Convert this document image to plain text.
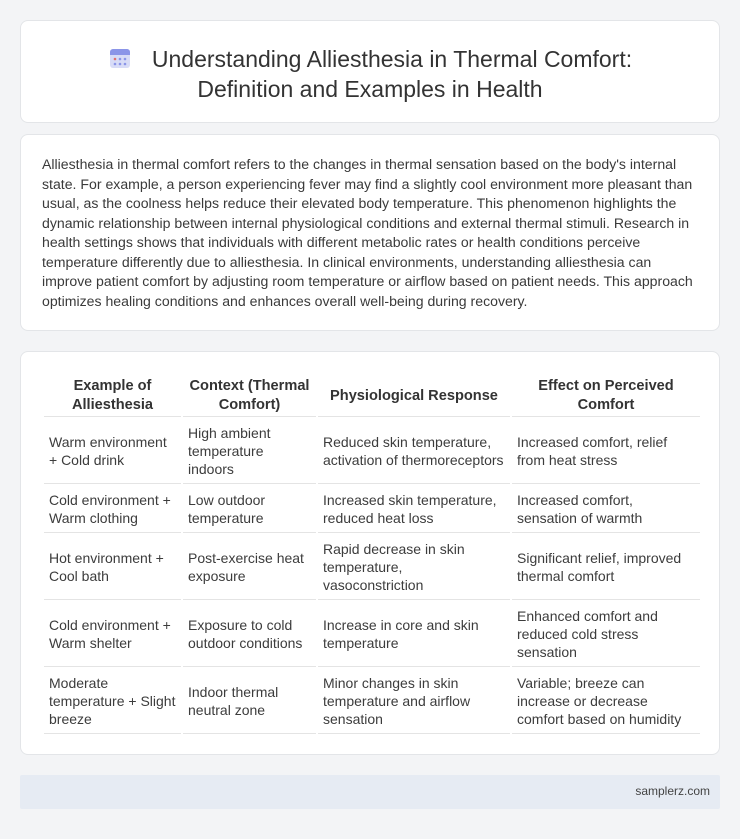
Understanding Alliesthesia in Thermal Comfort:
Definition and Examples in Health

Alliesthesia in thermal comfort refers to the changes in thermal sensation based on the body's internal state. For example, a person experiencing fever may find a slightly cool environment more pleasant than usual, as the coolness helps reduce their elevated body temperature. This phenomenon highlights the dynamic relationship between internal physiological conditions and external thermal stimuli. Research in health settings shows that individuals with different metabolic rates or health conditions perceive temperature differently due to alliesthesia. In clinical environments, understanding alliesthesia can improve patient comfort by adjusting room temperature or airflow based on patient needs. This approach optimizes healing conditions and enhances overall well-being during recovery.

Example of Alliesthesia	Context (Thermal Comfort)	Physiological Response	Effect on Perceived Comfort
Warm environment + Cold drink	High ambient temperature indoors	Reduced skin temperature, activation of thermoreceptors	Increased comfort, relief from heat stress
Cold environment + Warm clothing	Low outdoor temperature	Increased skin temperature, reduced heat loss	Increased comfort, sensation of warmth
Hot environment + Cool bath	Post-exercise heat exposure	Rapid decrease in skin temperature, vasoconstriction	Significant relief, improved thermal comfort
Cold environment + Warm shelter	Exposure to cold outdoor conditions	Increase in core and skin temperature	Enhanced comfort and reduced cold stress sensation
Moderate temperature + Slight breeze	Indoor thermal neutral zone	Minor changes in skin temperature and airflow sensation	Variable; breeze can increase or decrease comfort based on humidity
samplerz.com
